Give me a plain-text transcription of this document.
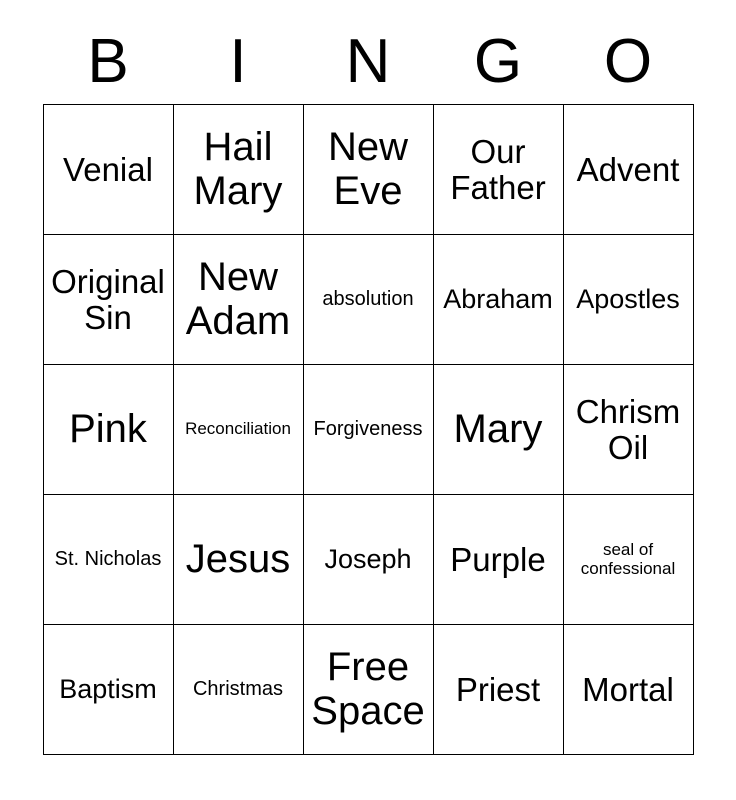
B	I	N	G	O
Venial	Hail Mary	New Eve	Our Father	Advent
Original Sin	New Adam	absolution	Abraham	Apostles
Pink	Reconciliation	Forgiveness	Mary	Chrism Oil
St. Nicholas	Jesus	Joseph	Purple	seal of confessional
Baptism	Christmas	Free Space	Priest	Mortal
